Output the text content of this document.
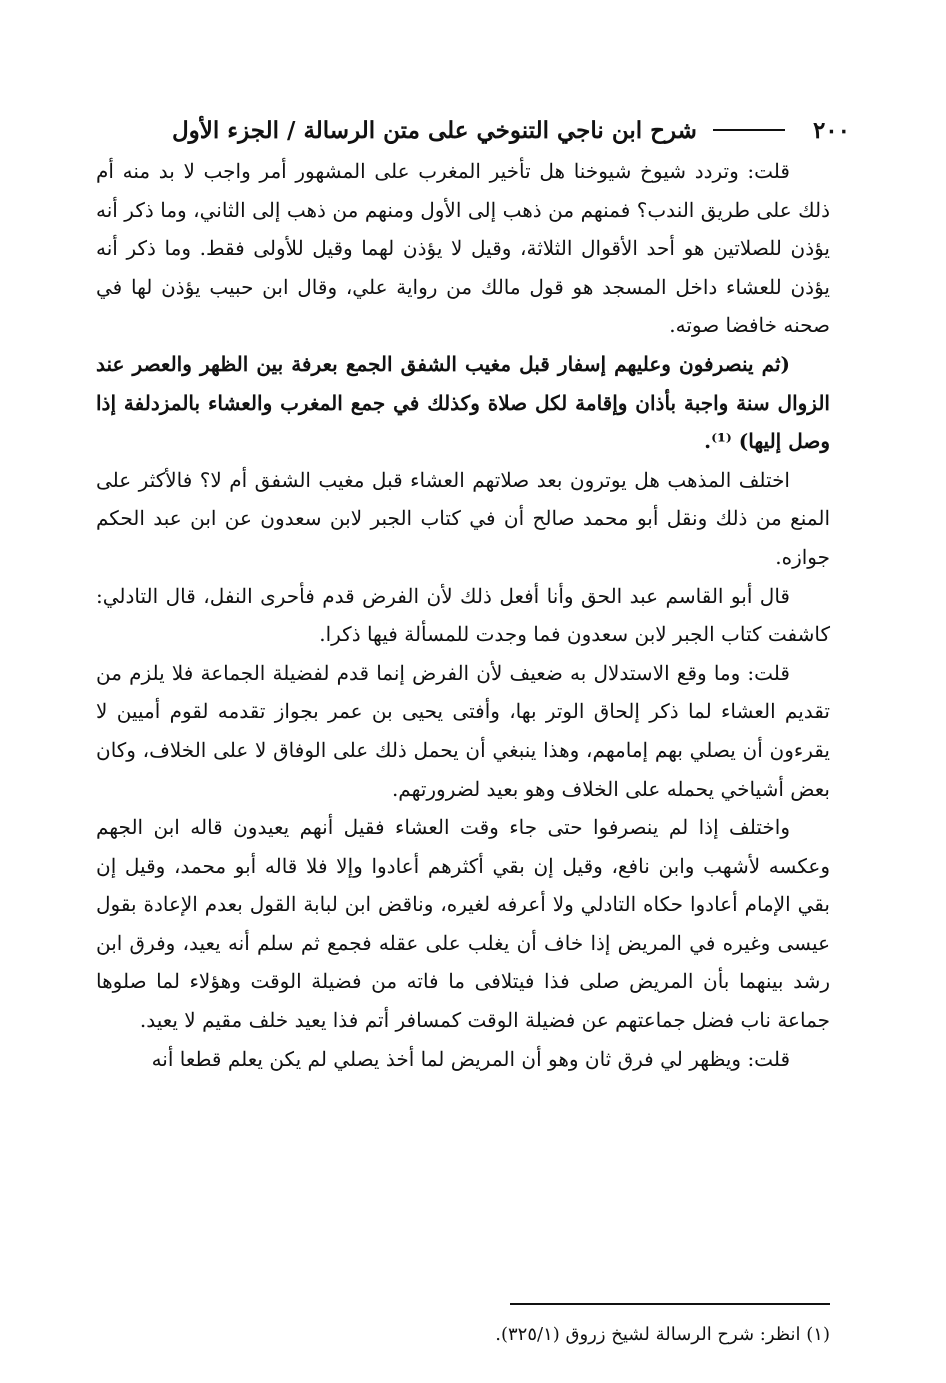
٢٠٠
شرح ابن ناجي التنوخي على متن الرسالة / الجزء الأول

قلت: وتردد شيوخ شيوخنا هل تأخير المغرب على المشهور أمر واجب لا بد منه أم ذلك على طريق الندب؟ فمنهم من ذهب إلى الأول ومنهم من ذهب إلى الثاني، وما ذكر أنه يؤذن للصلاتين هو أحد الأقوال الثلاثة، وقيل لا يؤذن لهما وقيل للأولى فقط. وما ذكر أنه يؤذن للعشاء داخل المسجد هو قول مالك من رواية علي، وقال ابن حبيب يؤذن لها في صحنه خافضا صوته.

(ثم ينصرفون وعليهم إسفار قبل مغيب الشفق الجمع بعرفة بين الظهر والعصر عند الزوال سنة واجبة بأذان وإقامة لكل صلاة وكذلك في جمع المغرب والعشاء بالمزدلفة إذا وصل إليها) ⁽¹⁾.

اختلف المذهب هل يوترون بعد صلاتهم العشاء قبل مغيب الشفق أم لا؟ فالأكثر على المنع من ذلك ونقل أبو محمد صالح أن في كتاب الجبر لابن سعدون عن ابن عبد الحكم جوازه.

قال أبو القاسم عبد الحق وأنا أفعل ذلك لأن الفرض قدم فأحرى النفل، قال التادلي: كاشفت كتاب الجبر لابن سعدون فما وجدت للمسألة فيها ذكرا.

قلت: وما وقع الاستدلال به ضعيف لأن الفرض إنما قدم لفضيلة الجماعة فلا يلزم من تقديم العشاء لما ذكر إلحاق الوتر بها، وأفتى يحيى بن عمر بجواز تقدمه لقوم أميين لا يقرءون أن يصلي بهم إمامهم، وهذا ينبغي أن يحمل ذلك على الوفاق لا على الخلاف، وكان بعض أشياخي يحمله على الخلاف وهو بعيد لضرورتهم.

واختلف إذا لم ينصرفوا حتى جاء وقت العشاء فقيل أنهم يعيدون قاله ابن الجهم وعكسه لأشهب وابن نافع، وقيل إن بقي أكثرهم أعادوا وإلا فلا قاله أبو محمد، وقيل إن بقي الإمام أعادوا حكاه التادلي ولا أعرفه لغيره، وناقض ابن لبابة القول بعدم الإعادة بقول عيسى وغيره في المريض إذا خاف أن يغلب على عقله فجمع ثم سلم أنه يعيد، وفرق ابن رشد بينهما بأن المريض صلى فذا فيتلافى ما فاته من فضيلة الوقت وهؤلاء لما صلوها جماعة ناب فضل جماعتهم عن فضيلة الوقت كمسافر أتم فذا يعيد خلف مقيم لا يعيد.

قلت: ويظهر لي فرق ثان وهو أن المريض لما أخذ يصلي لم يكن يعلم قطعا أنه

(١) انظر: شرح الرسالة لشيخ زروق (٣٢٥/١).
